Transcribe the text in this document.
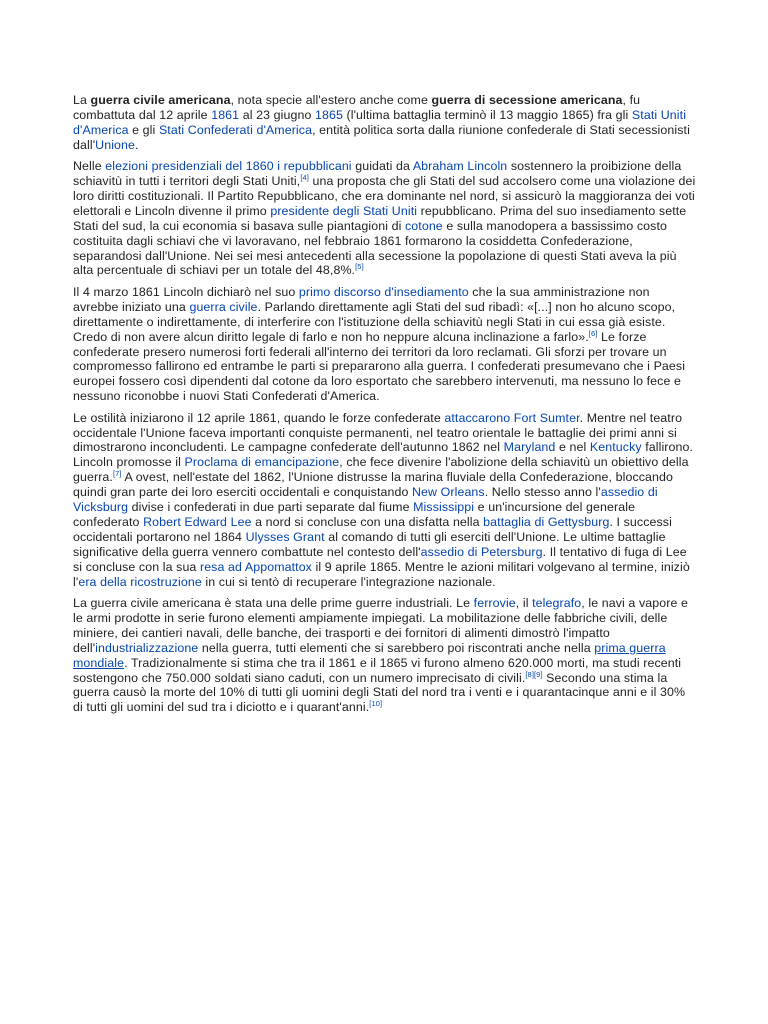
La guerra civile americana, nota specie all'estero anche come guerra di secessione americana, fu combattuta dal 12 aprile 1861 al 23 giugno 1865 (l'ultima battaglia terminò il 13 maggio 1865) fra gli Stati Uniti d'America e gli Stati Confederati d'America, entità politica sorta dalla riunione confederale di Stati secessionisti dall'Unione.

Nelle elezioni presidenziali del 1860 i repubblicani guidati da Abraham Lincoln sostennero la proibizione della schiavitù in tutti i territori degli Stati Uniti,[4] una proposta che gli Stati del sud accolsero come una violazione dei loro diritti costituzionali. Il Partito Repubblicano, che era dominante nel nord, si assicurò la maggioranza dei voti elettorali e Lincoln divenne il primo presidente degli Stati Uniti repubblicano. Prima del suo insediamento sette Stati del sud, la cui economia si basava sulle piantagioni di cotone e sulla manodopera a bassissimo costo costituita dagli schiavi che vi lavoravano, nel febbraio 1861 formarono la cosiddetta Confederazione, separandosi dall'Unione. Nei sei mesi antecedenti alla secessione la popolazione di questi Stati aveva la più alta percentuale di schiavi per un totale del 48,8%.[5]

Il 4 marzo 1861 Lincoln dichiarò nel suo primo discorso d'insediamento che la sua amministrazione non avrebbe iniziato una guerra civile. Parlando direttamente agli Stati del sud ribadì: «[...] non ho alcuno scopo, direttamente o indirettamente, di interferire con l'istituzione della schiavitù negli Stati in cui essa già esiste. Credo di non avere alcun diritto legale di farlo e non ho neppure alcuna inclinazione a farlo».[6] Le forze confederate presero numerosi forti federali all'interno dei territori da loro reclamati. Gli sforzi per trovare un compromesso fallirono ed entrambe le parti si prepararono alla guerra. I confederati presumevano che i Paesi europei fossero così dipendenti dal cotone da loro esportato che sarebbero intervenuti, ma nessuno lo fece e nessuno riconobbe i nuovi Stati Confederati d'America.

Le ostilità iniziarono il 12 aprile 1861, quando le forze confederate attaccarono Fort Sumter. Mentre nel teatro occidentale l'Unione faceva importanti conquiste permanenti, nel teatro orientale le battaglie dei primi anni si dimostrarono inconcludenti. Le campagne confederate dell'autunno 1862 nel Maryland e nel Kentucky fallirono. Lincoln promosse il Proclama di emancipazione, che fece divenire l'abolizione della schiavitù un obiettivo della guerra.[7] A ovest, nell'estate del 1862, l'Unione distrusse la marina fluviale della Confederazione, bloccando quindi gran parte dei loro eserciti occidentali e conquistando New Orleans. Nello stesso anno l'assedio di Vicksburg divise i confederati in due parti separate dal fiume Mississippi e un'incursione del generale confederato Robert Edward Lee a nord si concluse con una disfatta nella battaglia di Gettysburg. I successi occidentali portarono nel 1864 Ulysses Grant al comando di tutti gli eserciti dell'Unione. Le ultime battaglie significative della guerra vennero combattute nel contesto dell'assedio di Petersburg. Il tentativo di fuga di Lee si concluse con la sua resa ad Appomattox il 9 aprile 1865. Mentre le azioni militari volgevano al termine, iniziò l'era della ricostruzione in cui si tentò di recuperare l'integrazione nazionale.

La guerra civile americana è stata una delle prime guerre industriali. Le ferrovie, il telegrafo, le navi a vapore e le armi prodotte in serie furono elementi ampiamente impiegati. La mobilitazione delle fabbriche civili, delle miniere, dei cantieri navali, delle banche, dei trasporti e dei fornitori di alimenti dimostrò l'impatto dell'industrializzazione nella guerra, tutti elementi che si sarebbero poi riscontrati anche nella prima guerra mondiale. Tradizionalmente si stima che tra il 1861 e il 1865 vi furono almeno 620.000 morti, ma studi recenti sostengono che 750.000 soldati siano caduti, con un numero imprecisato di civili.[8][9] Secondo una stima la guerra causò la morte del 10% di tutti gli uomini degli Stati del nord tra i venti e i quarantacinque anni e il 30% di tutti gli uomini del sud tra i diciotto e i quarant'anni.[10]
